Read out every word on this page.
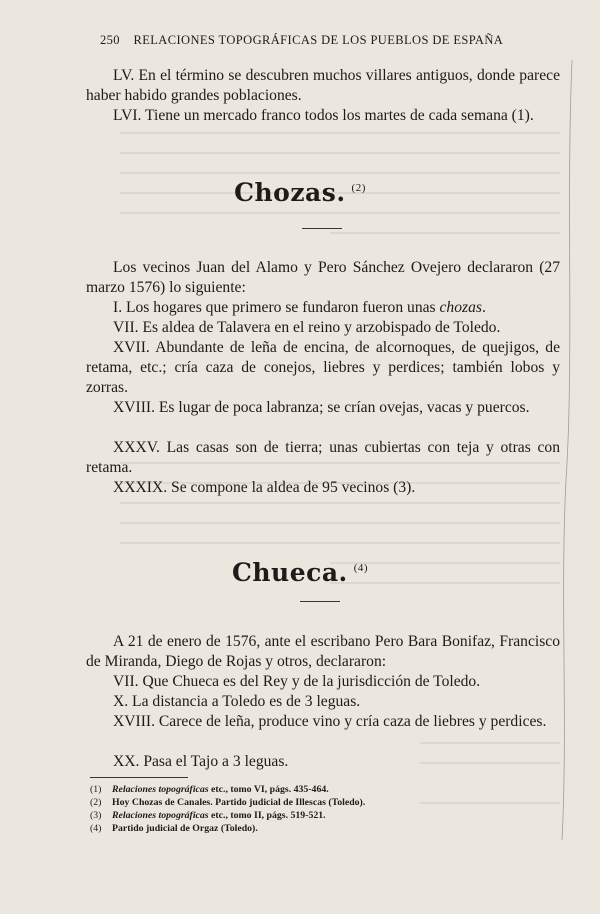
250 RELACIONES TOPOGRÁFICAS DE LOS PUEBLOS DE ESPAÑA
LV. En el término se descubren muchos villares antiguos, donde parece haber habido grandes poblaciones.
LVI. Tiene un mercado franco todos los martes de cada semana (1).
Chozas. $^{(2)}$
Los vecinos Juan del Alamo y Pero Sánchez Ovejero declararon (27 marzo 1576) lo siguiente:
I. Los hogares que primero se fundaron fueron unas chozas.
VII. Es aldea de Talavera en el reino y arzobispado de Toledo.
XVII. Abundante de leña de encina, de alcornoques, de quejigos, de retama, etc.; cría caza de conejos, liebres y perdices; también lobos y zorras.
XVIII. Es lugar de poca labranza; se crían ovejas, vacas y puercos.
XXXV. Las casas son de tierra; unas cubiertas con teja y otras con retama.
XXXIX. Se compone la aldea de 95 vecinos (3).
Chueca. $^{(4)}$
A 21 de enero de 1576, ante el escribano Pero Bara Bonifaz, Francisco de Miranda, Diego de Rojas y otros, declararon:
VII. Que Chueca es del Rey y de la jurisdicción de Toledo.
X. La distancia a Toledo es de 3 leguas.
XVIII. Carece de leña, produce vino y cría caza de liebres y perdices.
XX. Pasa el Tajo a 3 leguas.
(1) Relaciones topográficas etc., tomo VI, págs. 435-464.
(2) Hoy Chozas de Canales. Partido judicial de Illescas (Toledo).
(3) Relaciones topográficas etc., tomo II, págs. 519-521.
(4) Partido judicial de Orgaz (Toledo).
